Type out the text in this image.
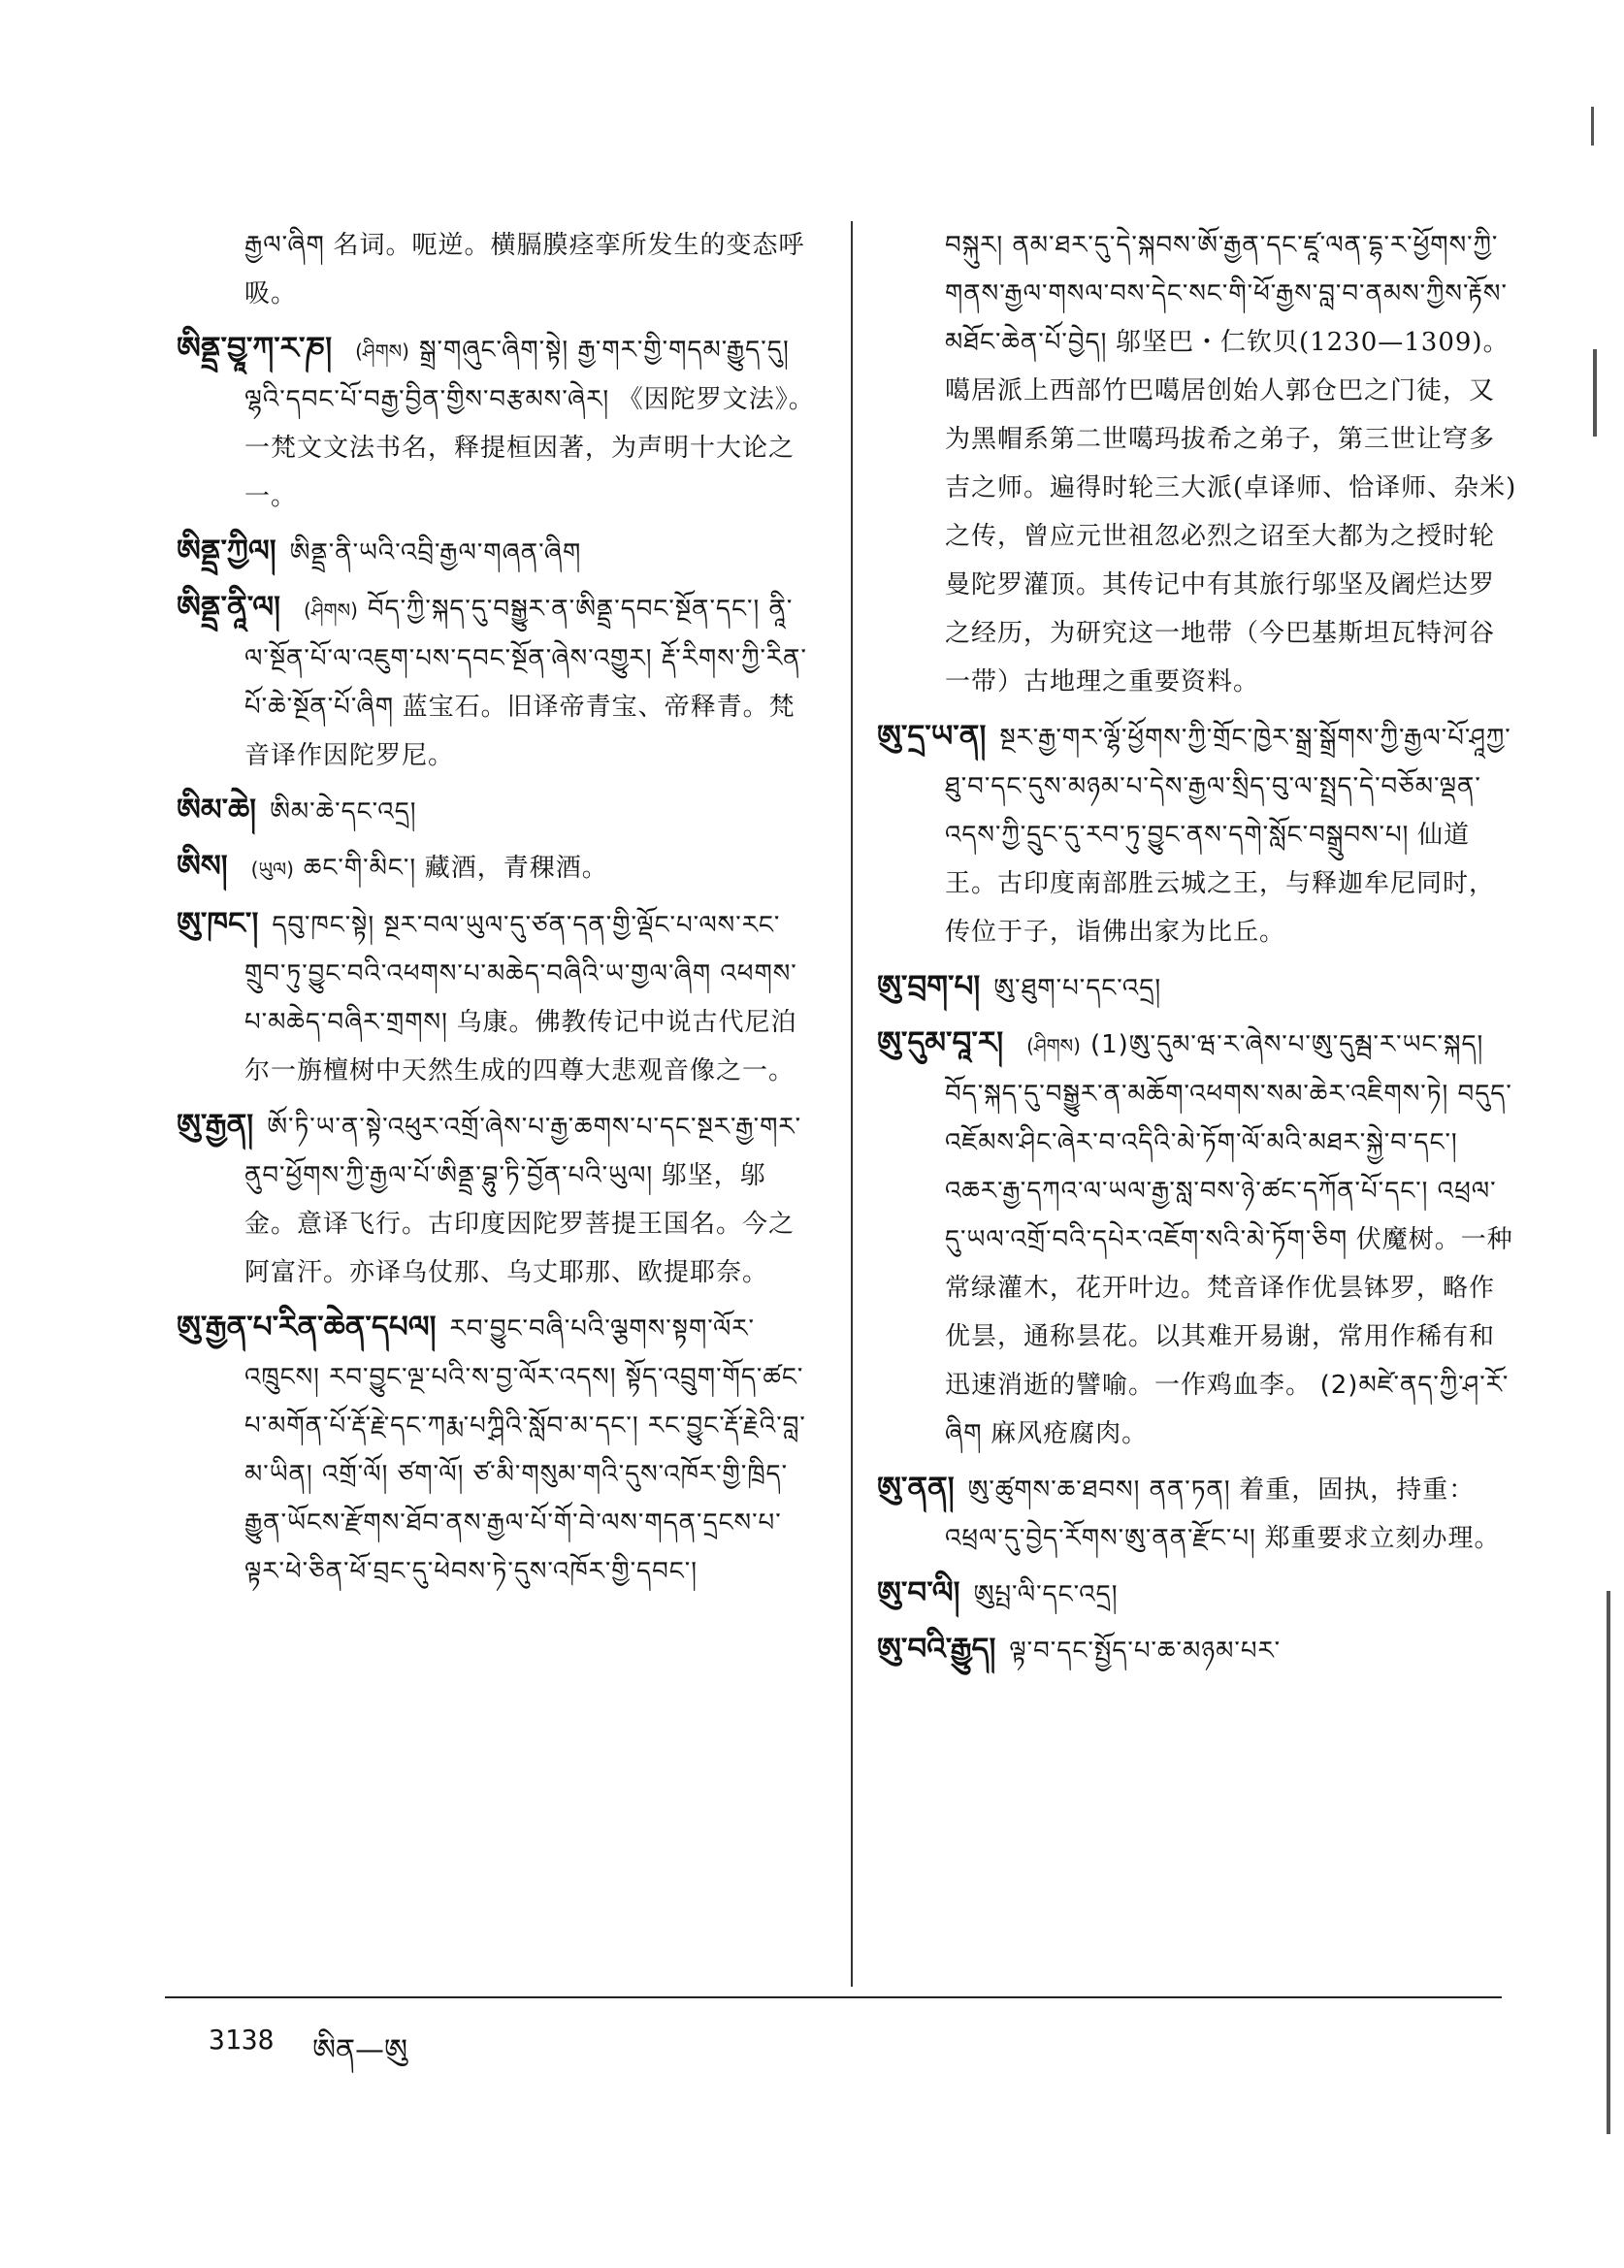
རྒྱལ་ཞིག 名词。呃逆。横膈膜痉挛所发生的变态呼吸。
ཨིནྡྲ་བྱཱ་ཀ་ར་ཎ། (ཤིགས) སྒྲ་གཞུང་ཞིག་སྟེ། རྒྱ་གར་གྱི་གདམ་རྒྱུད་དུ། ལྷའི་དབང་པོ་བརྒྱ་བྱིན་གྱིས་བརྩམས་ཞེར། 《因陀罗文法》。一梵文文法书名，释提桓因著，为声明十大论之一。
ཨིནྡྲ་ཀྱིལ། ཨིནྡྲ་ནི་ཡའི་འབྲི་རྒྱལ་གཞན་ཞིག
ཨིནྡྲ་ནཱི་ལ། (ཤིགས) བོད་ཀྱི་སྐད་དུ་བསྒྱུར་ན་ཨིནྡྲ་དབང་སྔོན་དང་། ནཱི་ལ་སྔོན་པོ་ལ་འཇུག་པས་དབང་སྔོན་ཞེས་འགྱུར། རྡོ་རིགས་ཀྱི་རིན་པོ་ཆེ་སྔོན་པོ་ཞིག 蓝宝石。旧译帝青宝、帝释青。梵音译作因陀罗尼。
ཨིམ་ཆེ། ཨིམ་ཆེ་དང་འདྲ།
ཨིས། (ཡུལ) ཆང་གི་མིང་། 藏酒，青稞酒。
ཨུ་ཁང་། དབུ་ཁང་སྟེ། སྔར་བལ་ཡུལ་དུ་ཙན་དན་གྱི་ལྡོང་པ་ལས་རང་གྲུབ་ཏུ་བྱུང་བའི་འཕགས་པ་མཆེད་བཞིའི་ཡ་གྱལ་ཞིག འཕགས་པ་མཆེད་བཞིར་གྲགས། 乌康。佛教传记中说古代尼泊尔一旃檀树中天然生成的四尊大悲观音像之一。
ཨུ་རྒྱན། ཨོ་ཏི་ཡ་ན་སྟེ་འཕུར་འགྲོ་ཞེས་པ་རྒྱ་ཆགས་པ་དང་སྔར་རྒྱ་གར་ནུབ་ཕྱོགས་ཀྱི་རྒྱལ་པོ་ཨིནྡྲ་བྷུ་ཏི་བྱོན་པའི་ཡུལ། 邬坚，邬金。意译飞行。古印度因陀罗菩提王国名。今之阿富汗。亦译乌仗那、乌丈耶那、欧提耶奈。
ཨུ་རྒྱན་པ་རིན་ཆེན་དཔལ། རབ་བྱུང་བཞི་པའི་ལྕགས་སྟག་ལོར་འཁྲུངས། རབ་བྱུང་ལྔ་པའི་ས་བྱ་ལོར་འདས། སྟོད་འབྲུག་གོད་ཚང་པ་མགོན་པོ་རྡོ་རྗེ་དང་ཀརྨ་པཀྴིའི་སློབ་མ་དང་། རང་བྱུང་རྡོ་རྗེའི་བླ་མ་ཡིན། འགྲོ་ལོ། ཙག་ལོ། ཙ་མི་གསུམ་གའི་དུས་འཁོར་གྱི་ཁྲིད་རྒྱུན་ཡོངས་རྫོགས་ཐོབ་ནས་རྒྱལ་པོ་གོ་བེ་ལས་གདན་དྲངས་པ་ལྟར་ཕེ་ཅིན་ཕོ་བྲང་དུ་ཕེབས་ཏེ་དུས་འཁོར་གྱི་དབང་།
བསྐུར། ནམ་ཐར་དུ་དེ་སྐབས་ཨོ་རྒྱན་དང་ཛཱ་ལན་དྷ་ར་ཕྱོགས་ཀྱི་གནས་རྒྱལ་གསལ་བས་དེང་སང་གི་ཕོ་རྒྱས་བླ་བ་ནམས་ཀྱིས་རྟོས་མཐོང་ཆེན་པོ་བྱེད། 邬坚巴・仁钦贝(1230—1309)。噶居派上西部竹巴噶居创始人郭仓巴之门徒，又为黑帽系第二世噶玛拔希之弟子，第三世让穹多吉之师。遍得时轮三大派(卓译师、恰译师、杂米)之传，曾应元世祖忽必烈之诏至大都为之授时轮曼陀罗灌顶。其传记中有其旅行邬坚及阇烂达罗之经历，为研究这一地带（今巴基斯坦瓦特河谷一带）古地理之重要资料。
ཨུ་དྲ་ཡ་ན། སྔར་རྒྱ་གར་ལྷོ་ཕྱོགས་ཀྱི་གྲོང་ཁྱེར་སྒྲ་སྒྲོགས་ཀྱི་རྒྱལ་པོ་ཤཱཀྱ་ཐུ་བ་དང་དུས་མཉམ་པ་དེས་རྒྱལ་སྲིད་བུ་ལ་སྤྲད་དེ་བཅོམ་ལྡན་འདས་ཀྱི་དྲུང་དུ་རབ་ཏུ་བྱུང་ནས་དགེ་སློང་བསྒྲུབས་པ། 仙道王。古印度南部胜云城之王，与释迦牟尼同时，传位于子，诣佛出家为比丘。
ཨུ་བྲག་པ། ཨུ་ཐུག་པ་དང་འདྲ།
ཨུ་དུམ་བཱ་ར། (ཤིགས) (1)ཨུ་དུམ་ཝ་ར་ཞེས་པ་ཨུ་དུམྦ་ར་ཡང་སྐད། བོད་སྐད་དུ་བསྒྱུར་ན་མཆོག་འཕགས་སམ་ཆེར་འཇིགས་ཏེ། བདུད་འཇོམས་ཤིང་ཞེར་བ་འདིའི་མེ་ཏོག་ལོ་མའི་མཐར་སྐྱེ་བ་དང་། འཆར་རྒྱ་དཀའ་ལ་ཡལ་རྒྱ་སླ་བས་ཉེ་ཚང་དཀོན་པོ་དང་། འཕྲལ་དུ་ཡལ་འགྲོ་བའི་དཔེར་འཇོག་སའི་མེ་ཏོག་ཅིག 伏魔树。一种常绿灌木，花开叶边。梵音译作优昙钵罗，略作优昙，通称昙花。以其难开易谢，常用作稀有和迅速消逝的譬喻。一作鸡血李。 (2)མཛེ་ནད་ཀྱི་ཤ་རོ་ཞིག 麻风疮腐肉。
ཨུ་ནན། ཨུ་ཚུགས་ཆ་ཐབས། ནན་ཏན། 着重，固执，持重： འཕྲལ་དུ་བྱེད་རོགས་ཨུ་ནན་རྫོང་པ། 郑重要求立刻办理。
ཨུ་བ་ལི། ཨུཔྤ་ལི་དང་འདྲ།
ཨུ་བའི་རྒྱུད། ལྟ་བ་དང་སྤྱོད་པ་ཆ་མཉམ་པར་
3138 ཨིན—ཨུ
